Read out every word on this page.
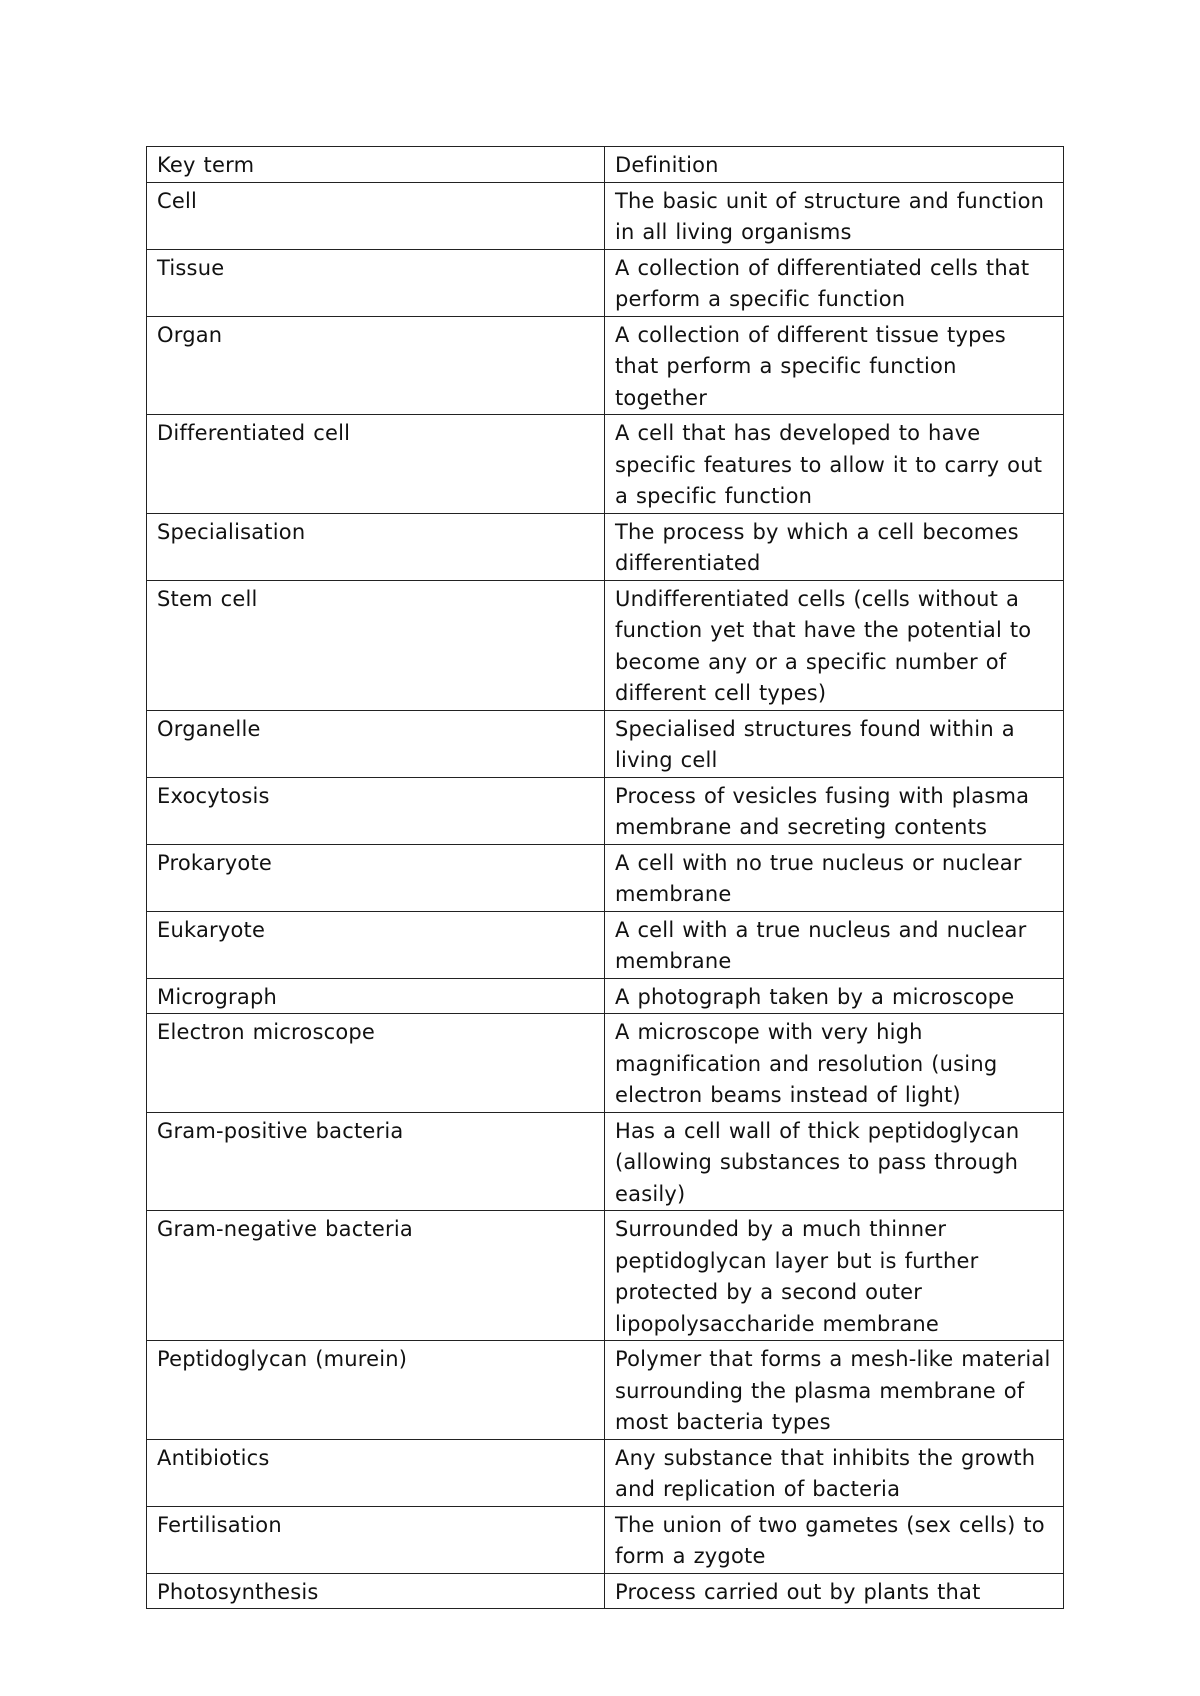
Key term	Definition
Cell	The basic unit of structure and function in all living organisms
Tissue	A collection of differentiated cells that perform a specific function
Organ	A collection of different tissue types that perform a specific function together
Differentiated cell	A cell that has developed to have specific features to allow it to carry out a specific function
Specialisation	The process by which a cell becomes differentiated
Stem cell	Undifferentiated cells (cells without a function yet that have the potential to become any or a specific number of different cell types)
Organelle	Specialised structures found within a living cell
Exocytosis	Process of vesicles fusing with plasma membrane and secreting contents
Prokaryote	A cell with no true nucleus or nuclear membrane
Eukaryote	A cell with a true nucleus and nuclear membrane
Micrograph	A photograph taken by a microscope
Electron microscope	A microscope with very high magnification and resolution (using electron beams instead of light)
Gram-positive bacteria	Has a cell wall of thick peptidoglycan (allowing substances to pass through easily)
Gram-negative bacteria	Surrounded by a much thinner peptidoglycan layer but is further protected by a second outer lipopolysaccharide membrane
Peptidoglycan (murein)	Polymer that forms a mesh-like material surrounding the plasma membrane of most bacteria types
Antibiotics	Any substance that inhibits the growth and replication of bacteria
Fertilisation	The union of two gametes (sex cells) to form a zygote
Photosynthesis	Process carried out by plants that
